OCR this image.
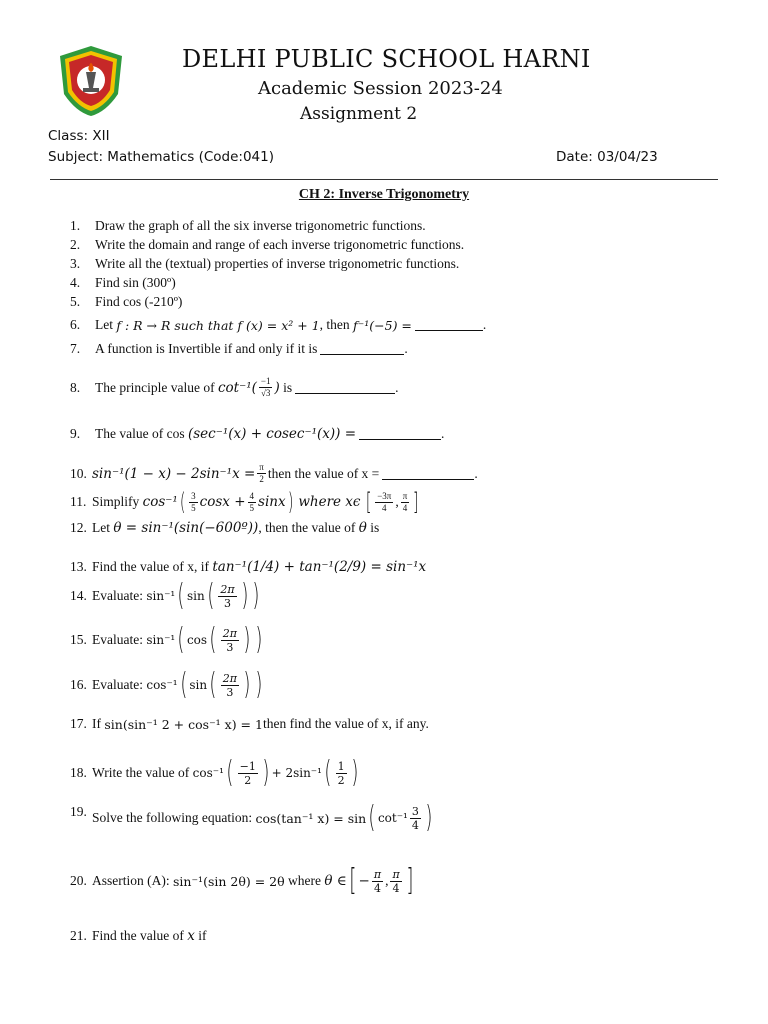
DELHI PUBLIC SCHOOL HARNI
Academic Session 2023-24
Assignment 2
Class: XII
Subject: Mathematics (Code:041)	Date: 03/04/23
CH 2: Inverse Trigonometry
1.	Draw the graph of all the six inverse trigonometric functions.
2.	Write the domain and range of each inverse trigonometric functions.
3.	Write all the (textual) properties of inverse trigonometric functions.
4.	Find sin (300º)
5.	Find cos (-210º)
6.	Let
f : R → R such that f (x) = x² + 1 , then
f⁻¹(−5) =	.
7.	A function is Invertible if and only if it is	.
8.	The principle value of
$\cot^{-1}( \frac{-1}{√3}$ )
is	.
9.	The value of cos
(sec⁻¹(x) + cosec⁻¹(x)) =	.
10. $\sin^{-1}(1 - x) - 2\sin^{-1}x = \frac{\pi}{2}$ then the value of x =	.
11. Simplify
cos⁻¹ ( $\frac{3}{5}$ $\cos x + \frac{4}{5}$ sinx )
where xϵ
[ $\frac{-3\pi}{4}$ , $\frac{\pi}{4}$ ]
12. Let
θ = sin⁻¹(sin(−600º)) , then the value of
θ
is
13. Find the value of x, if
tan⁻¹(1/4) + tan⁻¹(2/9) = sin⁻¹x
14. Evaluate:
sin⁻¹ ( sin ( $\frac{2\pi}{3}$ ) )
15. Evaluate:
sin⁻¹ ( cos ( $\frac{2\pi}{3}$ ) )
16. Evaluate:
cos⁻¹ ( sin ( $\frac{2\pi}{3}$ ) )
17. If
sin(sin⁻¹ 2 + cos⁻¹ x) = 1 then find the value of x, if any.
18. Write the value of
cos⁻¹ ( $\frac{-1}{2}$ ) + 2sin⁻¹ ( $\frac{1}{2}$ )
19. Solve the following equation:
cos(tan⁻¹ x) = sin ( $\cot^{-1} \frac{3}{4}$ )
20. Assertion (A):
sin⁻¹(sin 2θ) = 2θ
where
θ ∈ [ − $\frac{\pi}{4}$ , $\frac{\pi}{4}$ ]
21. Find the value of
x
if
